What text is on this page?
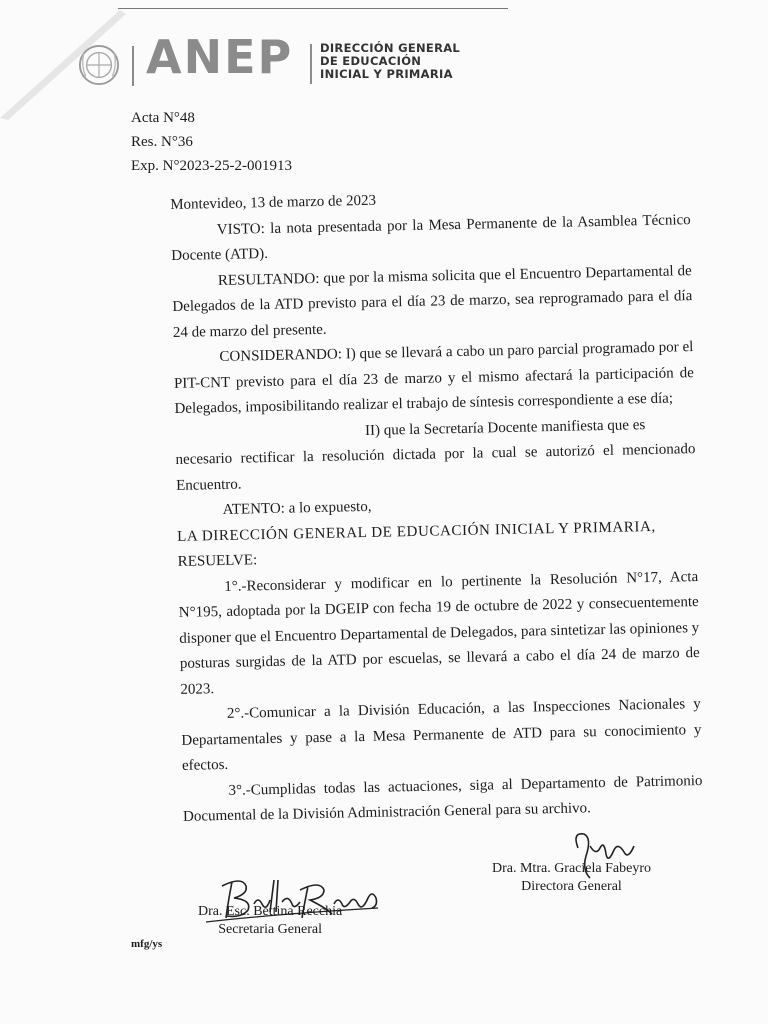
ANEP DIRECCIÓN GENERAL
DE EDUCACIÓN
INICIAL Y PRIMARIA
Acta N°48
Res. N°36
Exp. N°2023-25-2-001913

Montevideo, 13 de marzo de 2023

VISTO: la nota presentada por la Mesa Permanente de la Asamblea Técnico Docente (ATD).

RESULTANDO: que por la misma solicita que el Encuentro Departamental de Delegados de la ATD previsto para el día 23 de marzo, sea reprogramado para el día 24 de marzo del presente.

CONSIDERANDO: I) que se llevará a cabo un paro parcial programado por el PIT-CNT previsto para el día 23 de marzo y el mismo afectará la participación de Delegados, imposibilitando realizar el trabajo de síntesis correspondiente a ese día;

II) que la Secretaría Docente manifiesta que es

necesario rectificar la resolución dictada por la cual se autorizó el mencionado Encuentro.

ATENTO: a lo expuesto,

LA DIRECCIÓN GENERAL DE EDUCACIÓN INICIAL Y PRIMARIA,

RESUELVE:

1°.-Reconsiderar y modificar en lo pertinente la Resolución N°17, Acta N°195, adoptada por la DGEIP con fecha 19 de octubre de 2022 y consecuentemente disponer que el Encuentro Departamental de Delegados, para sintetizar las opiniones y posturas surgidas de la ATD por escuelas, se llevará a cabo el día 24 de marzo de 2023.

2°.-Comunicar a la División Educación, a las Inspecciones Nacionales y Departamentales y pase a la Mesa Permanente de ATD para su conocimiento y efectos.

3°.-Cumplidas todas las actuaciones, siga al Departamento de Patrimonio Documental de la División Administración General para su archivo.

Dra. Mtra. Graciela Fabeyro
Directora General
Dra. Esc. Bettina Recchia
Secretaria General
mfg/ys
